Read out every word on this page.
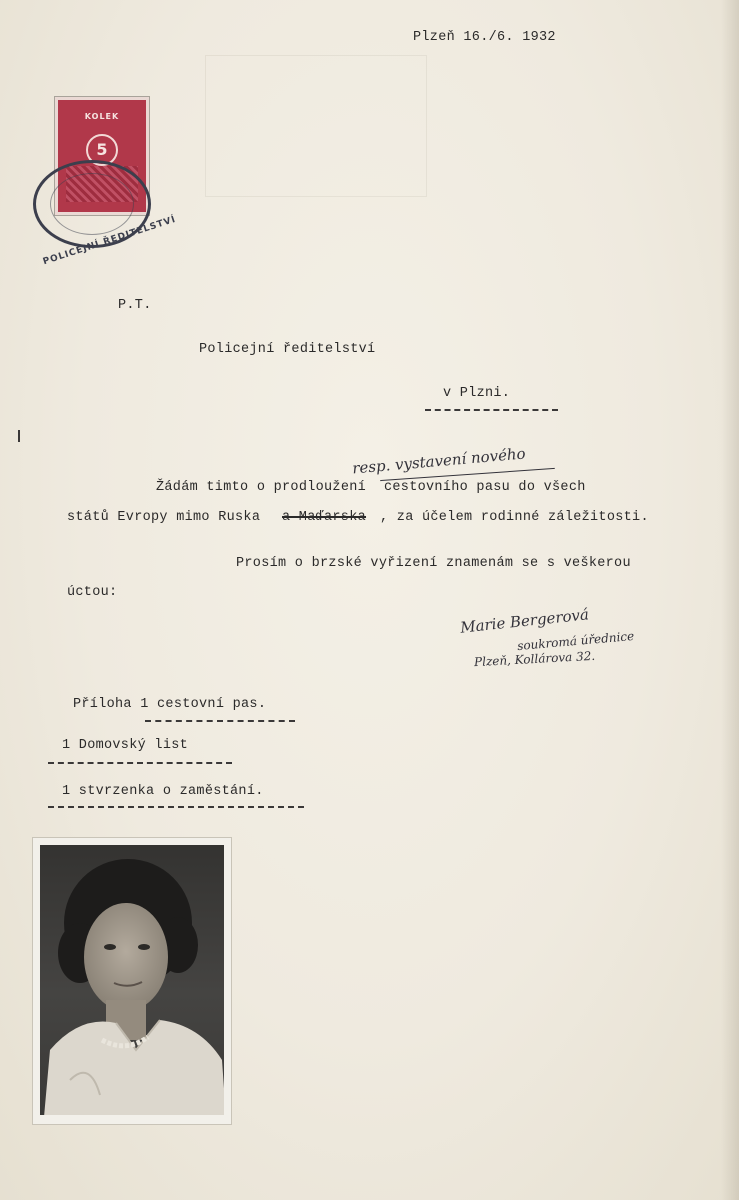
Plzeň 16./6. 1932
KOLEK
5
POLICEJNÍ ŘEDITELSTVÍ
P.T.
Policejní ředitelství
v Plzni.
resp. vystavení nového
Žádám timto o prodloužení cestovního pasu do všech
států Evropy mimo Ruska a Maďarska , za účelem rodinné záležitosti.
Prosím o brzské vyřizení znamenám se s veškerou
úctou:
Marie Bergerová
soukromá úřednice
Plzeň, Kollárova 32.
Příloha 1 cestovní pas.
1 Domovský list
1 stvrzenka o zaměstání.
